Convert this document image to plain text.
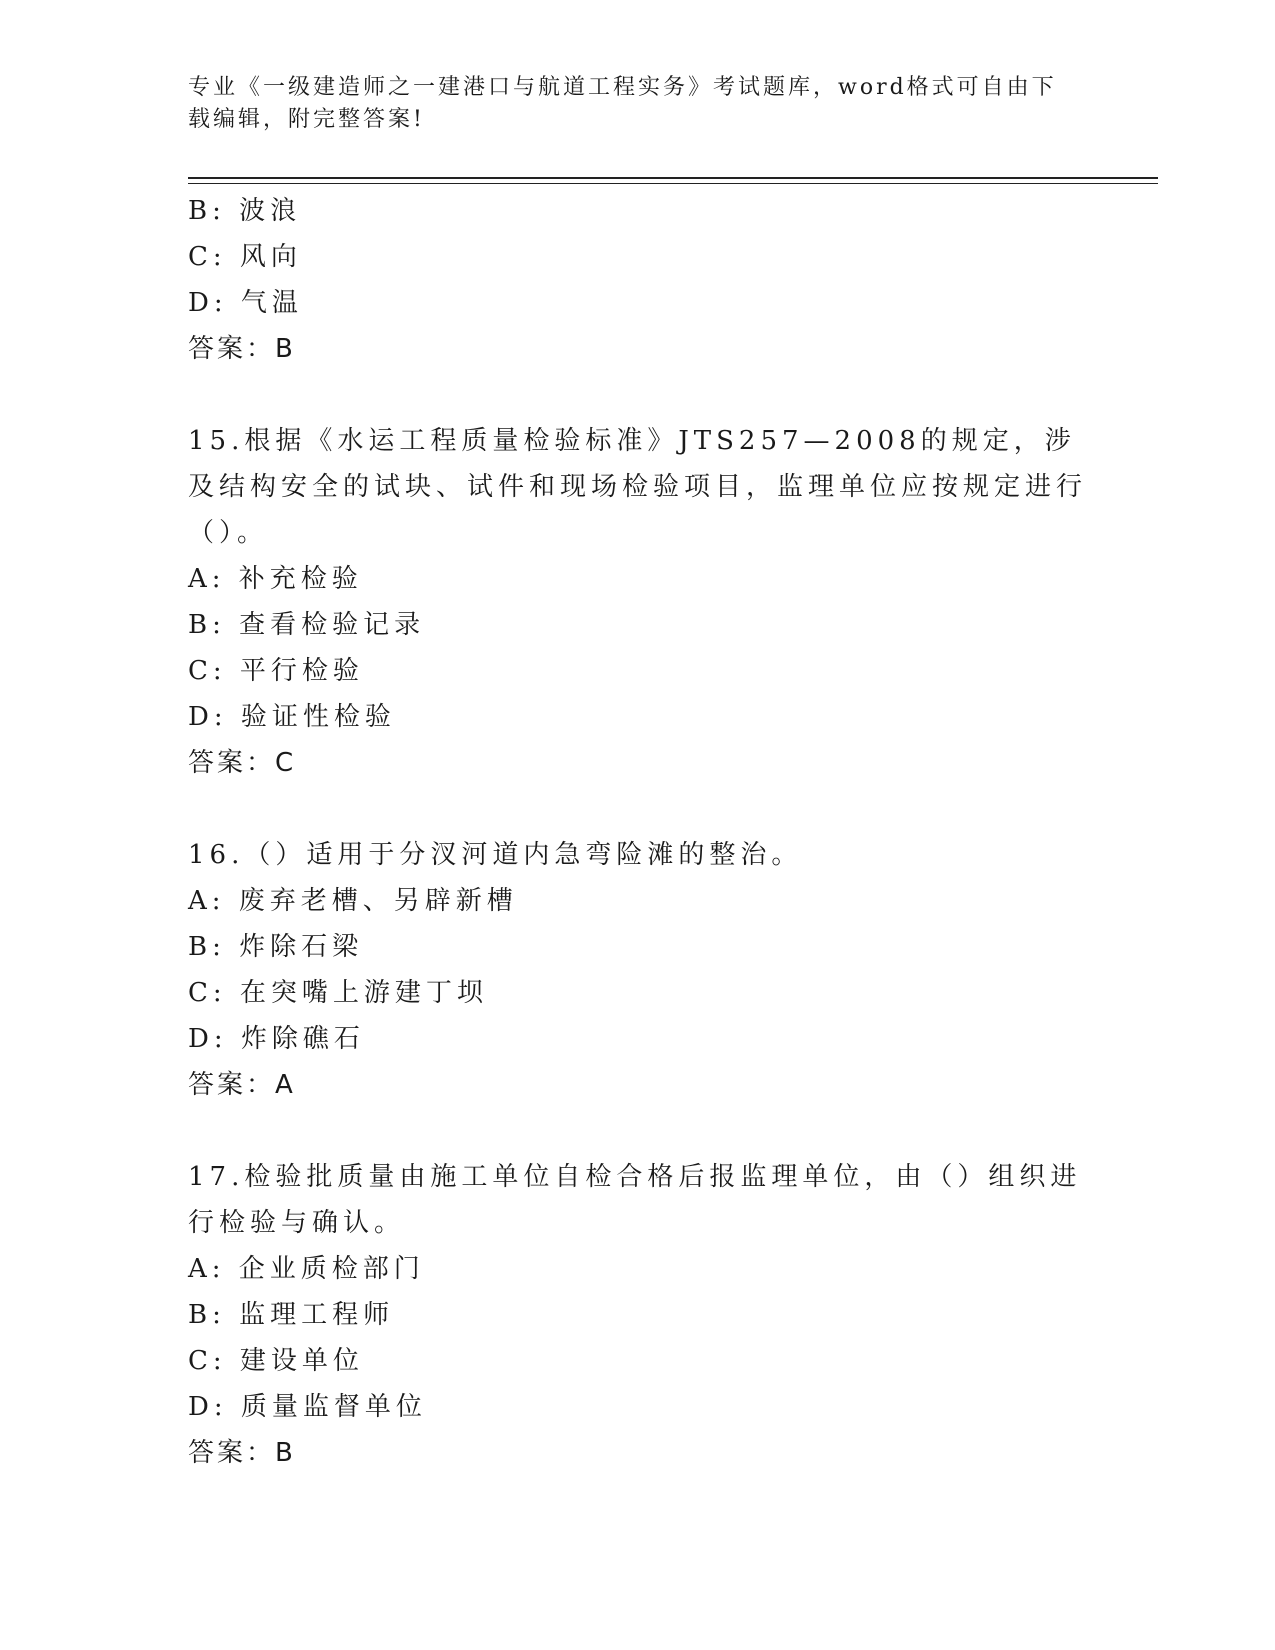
专业《一级建造师之一建港口与航道工程实务》考试题库，word格式可自由下载编辑，附完整答案!
B: 波浪
C: 风向
D: 气温
答案：B
15.根据《水运工程质量检验标准》JTS257—2008的规定，涉及结构安全的试块、试件和现场检验项目，监理单位应按规定进行（）。
A: 补充检验
B: 查看检验记录
C: 平行检验
D: 验证性检验
答案：C
16.（）适用于分汊河道内急弯险滩的整治。
A: 废弃老槽、另辟新槽
B: 炸除石梁
C: 在突嘴上游建丁坝
D: 炸除礁石
答案：A
17.检验批质量由施工单位自检合格后报监理单位，由（）组织进行检验与确认。
A: 企业质检部门
B: 监理工程师
C: 建设单位
D: 质量监督单位
答案：B
